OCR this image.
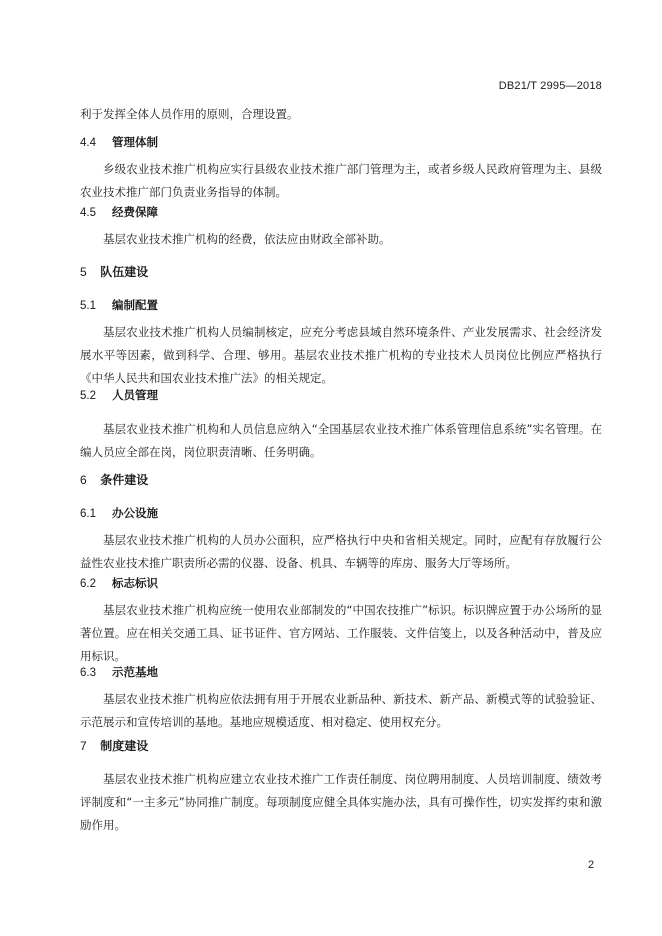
DB21/T 2995—2018

利于发挥全体人员作用的原则，合理设置。

4.4 管理体制

乡级农业技术推广机构应实行县级农业技术推广部门管理为主，或者乡级人民政府管理为主、县级农业技术推广部门负责业务指导的体制。

4.5 经费保障

基层农业技术推广机构的经费，依法应由财政全部补助。

5 队伍建设

5.1 编制配置

基层农业技术推广机构人员编制核定，应充分考虑县域自然环境条件、产业发展需求、社会经济发展水平等因素，做到科学、合理、够用。基层农业技术推广机构的专业技术人员岗位比例应严格执行《中华人民共和国农业技术推广法》的相关规定。

5.2 人员管理

基层农业技术推广机构和人员信息应纳入“全国基层农业技术推广体系管理信息系统”实名管理。在编人员应全部在岗，岗位职责清晰、任务明确。

6 条件建设

6.1 办公设施

基层农业技术推广机构的人员办公面积，应严格执行中央和省相关规定。同时，应配有存放履行公益性农业技术推广职责所必需的仪器、设备、机具、车辆等的库房、服务大厅等场所。

6.2 标志标识

基层农业技术推广机构应统一使用农业部制发的“中国农技推广”标识。标识牌应置于办公场所的显著位置。应在相关交通工具、证书证件、官方网站、工作服装、文件信笺上，以及各种活动中，普及应用标识。

6.3 示范基地

基层农业技术推广机构应依法拥有用于开展农业新品种、新技术、新产品、新模式等的试验验证、示范展示和宣传培训的基地。基地应规模适度、相对稳定、使用权充分。

7 制度建设

基层农业技术推广机构应建立农业技术推广工作责任制度、岗位聘用制度、人员培训制度、绩效考评制度和“一主多元”协同推广制度。每项制度应健全具体实施办法，具有可操作性，切实发挥约束和激励作用。

2
